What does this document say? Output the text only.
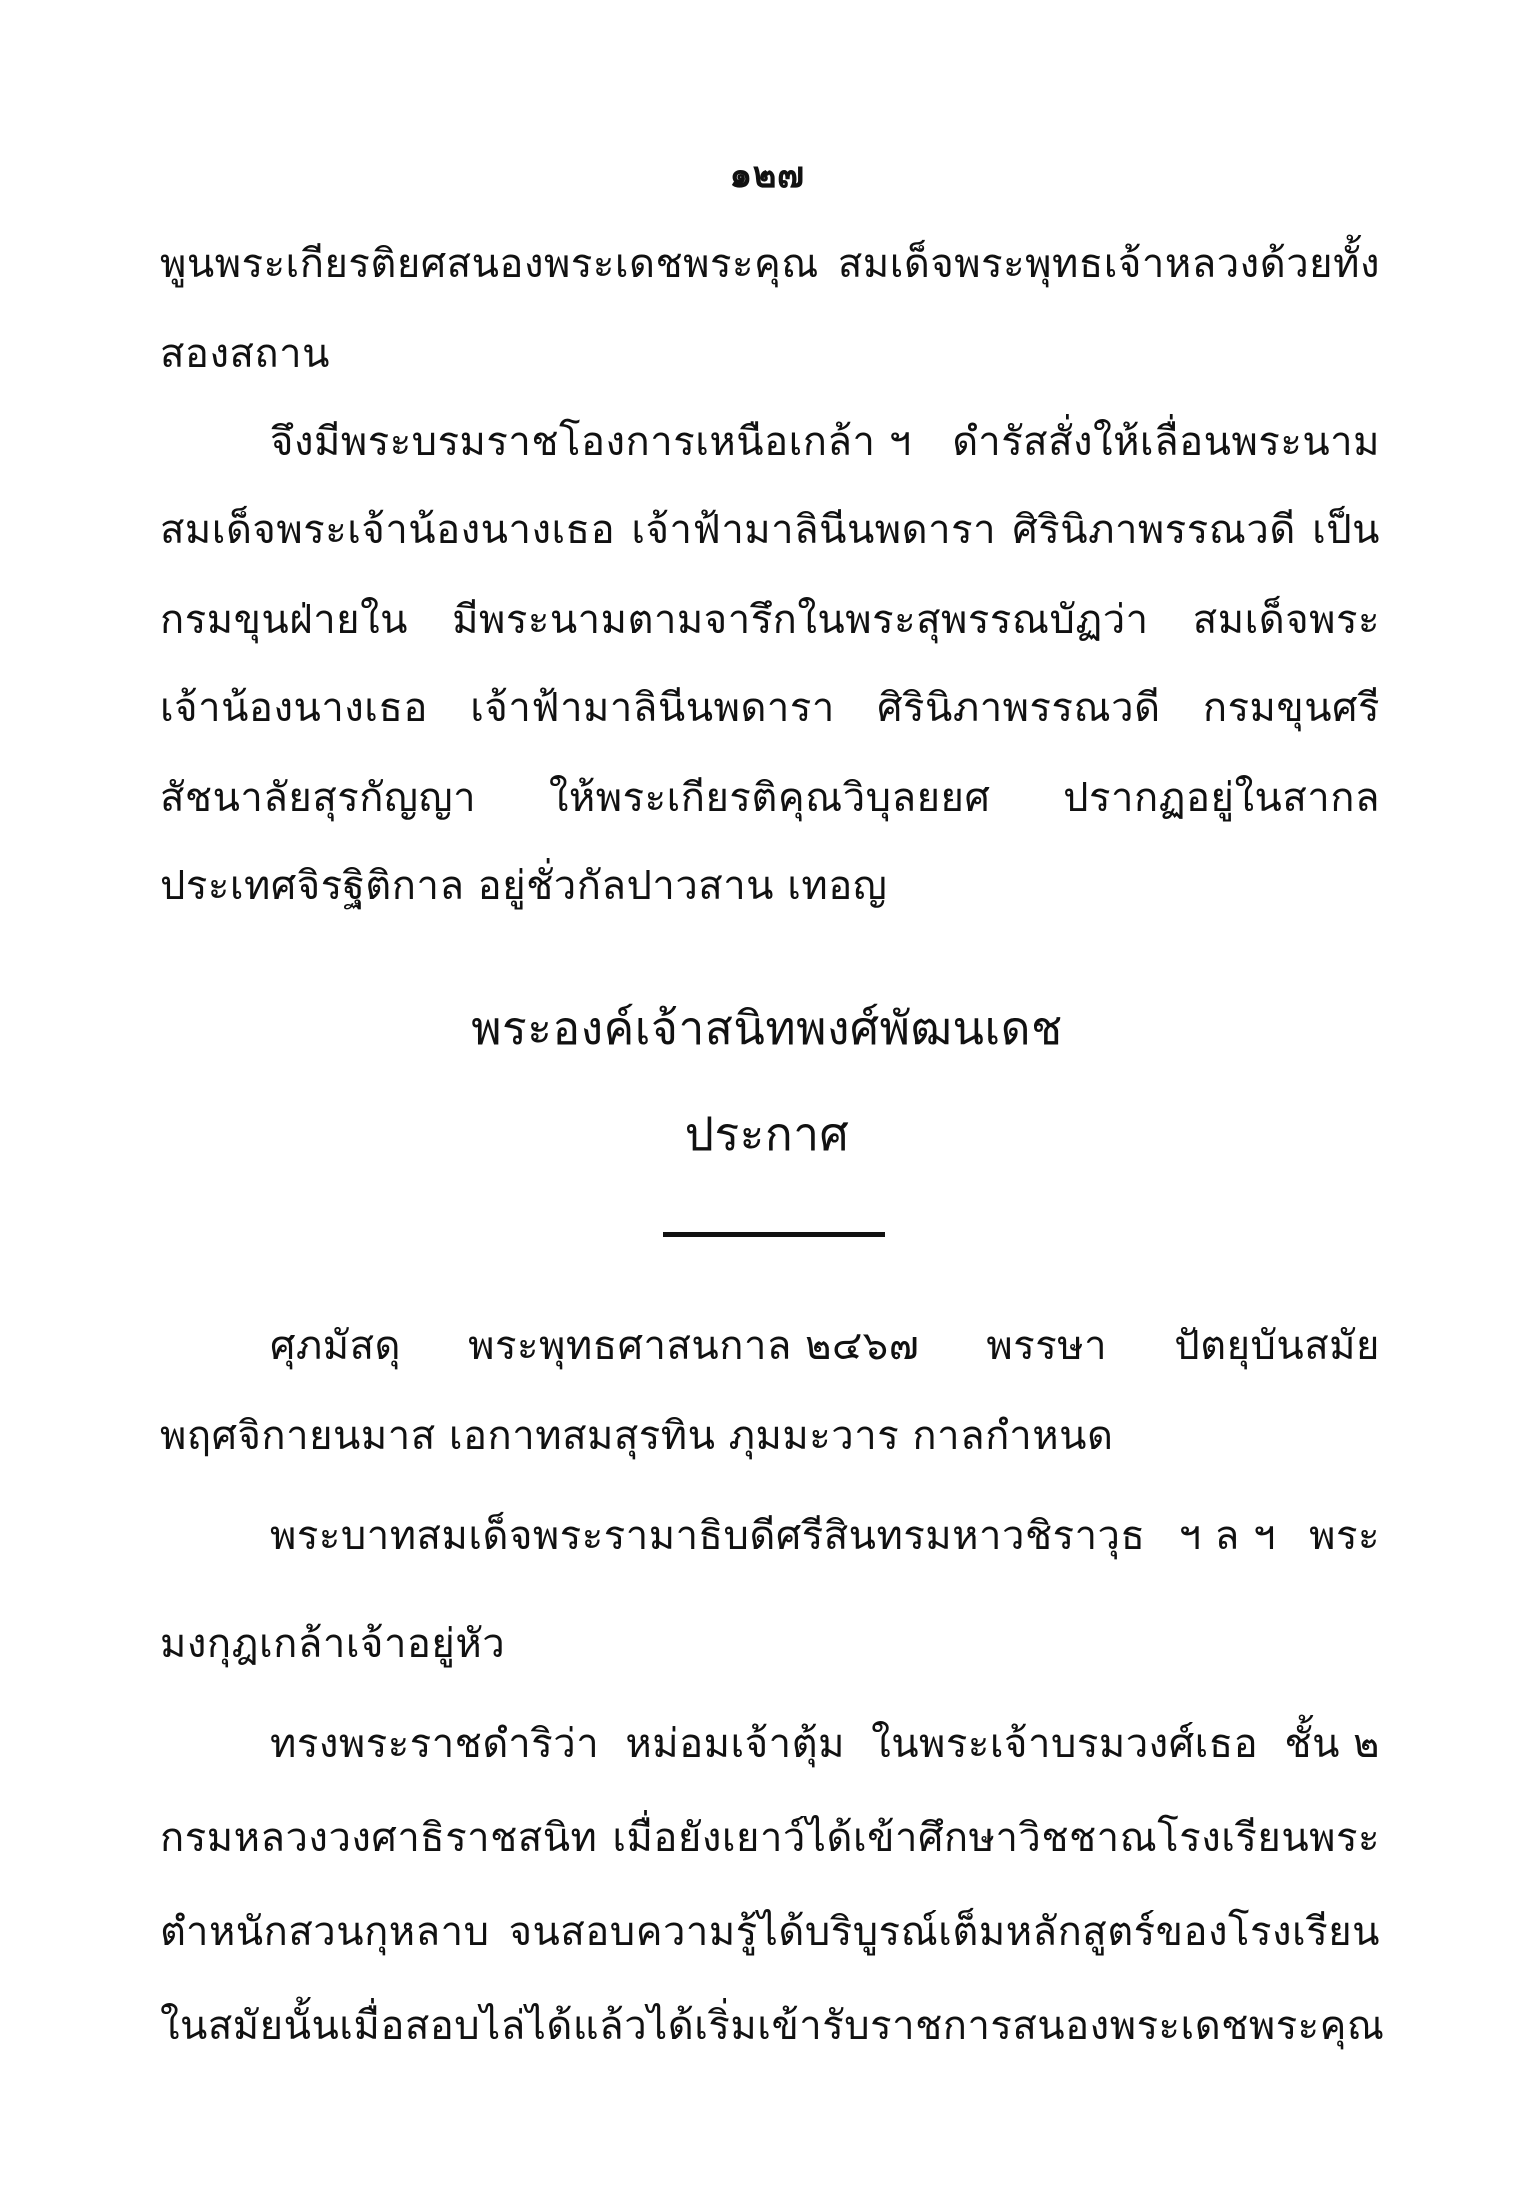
๑๒๗
พูนพระเกียรติยศสนองพระเดชพระคุณ สมเด็จพระพุทธเจ้าหลวงด้วยทั้ง
สองสถาน
จึงมีพระบรมราชโองการเหนือเกล้า ฯ ดำรัสสั่งให้เลื่อนพระนาม
สมเด็จพระเจ้าน้องนางเธอ เจ้าฟ้ามาลินีนพดารา ศิรินิภาพรรณวดี เป็น
กรมขุนฝ่ายใน มีพระนามตามจารึกในพระสุพรรณบัฏว่า สมเด็จพระ
เจ้าน้องนางเธอ เจ้าฟ้ามาลินีนพดารา ศิรินิภาพรรณวดี กรมขุนศรี
สัชนาลัยสุรกัญญา ให้พระเกียรติคุณวิบุลยยศ ปรากฏอยู่ในสากล
ประเทศจิรฐิติกาล อยู่ชั่วกัลปาวสาน เทอญ
พระองค์เจ้าสนิทพงศ์พัฒนเดช
ประกาศ
ศุภมัสดุ พระพุทธศาสนกาล ๒๔๖๗ พรรษา ปัตยุบันสมัย
พฤศจิกายนมาส เอกาทสมสุรทิน ภุมมะวาร กาลกำหนด
พระบาทสมเด็จพระรามาธิบดีศรีสินทรมหาวชิราวุธ ฯ ล ฯ พระ
มงกุฎเกล้าเจ้าอยู่หัว
ทรงพระราชดำริว่า หม่อมเจ้าตุ้ม ในพระเจ้าบรมวงศ์เธอ ชั้น ๒
กรมหลวงวงศาธิราชสนิท เมื่อยังเยาว์ได้เข้าศึกษาวิชชาณโรงเรียนพระ
ตำหนักสวนกุหลาบ จนสอบความรู้ได้บริบูรณ์เต็มหลักสูตร์ของโรงเรียน
ในสมัยนั้น เมื่อสอบไล่ได้แล้ว ได้เริ่มเข้ารับราชการสนองพระเดชพระคุณ
